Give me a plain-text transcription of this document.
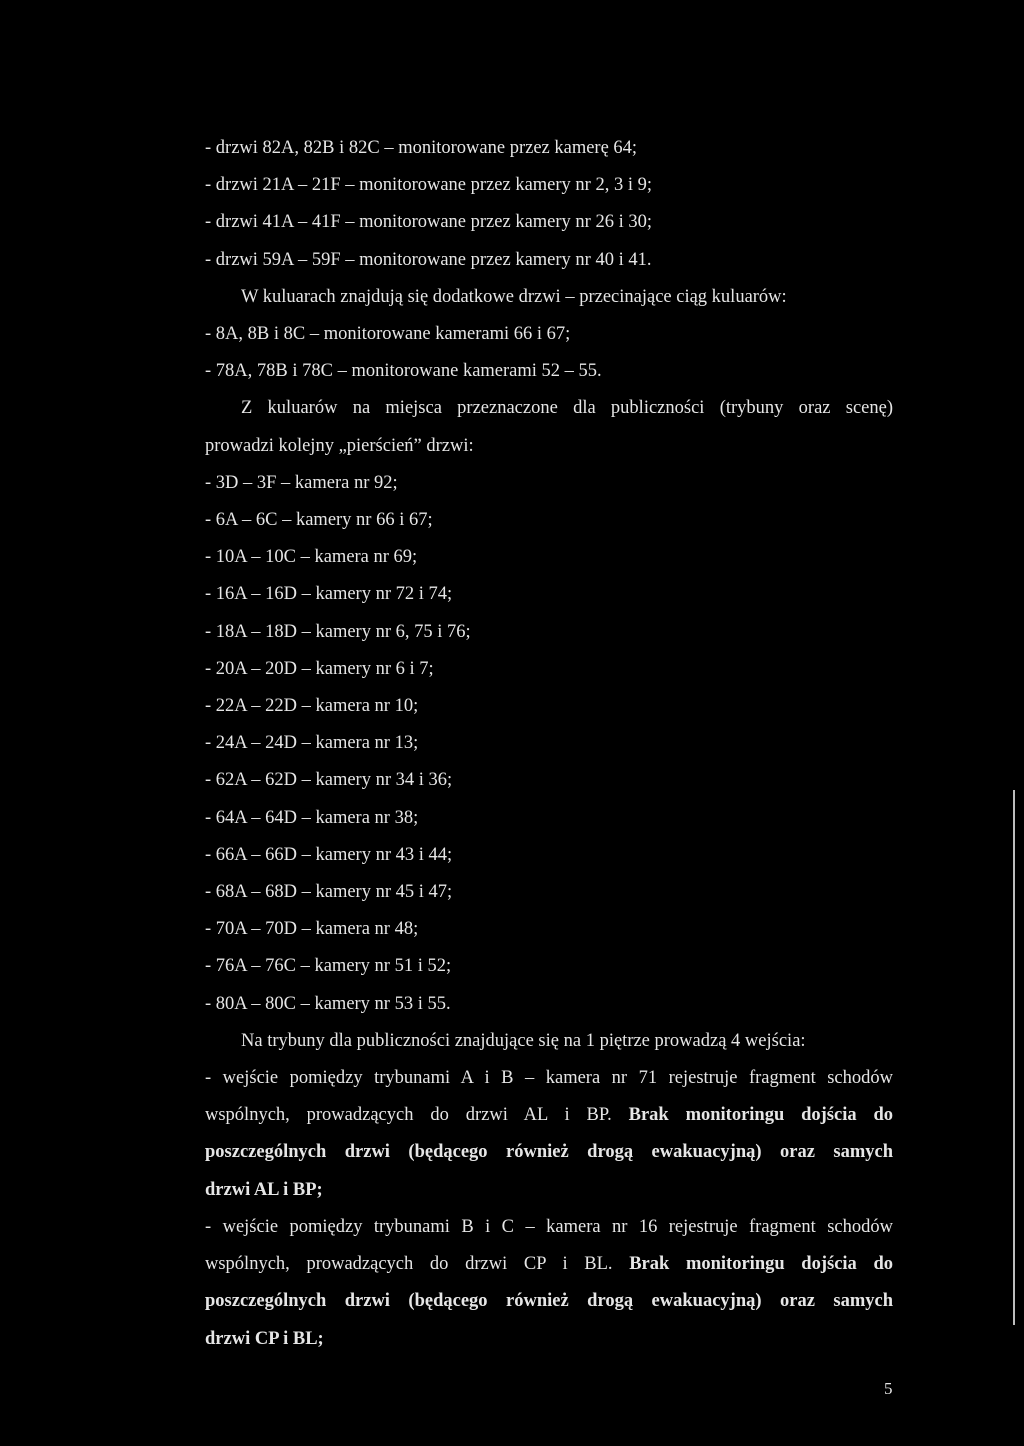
- drzwi 82A, 82B i 82C – monitorowane przez kamerę 64;
- drzwi 21A – 21F – monitorowane przez kamery nr 2, 3 i 9;
- drzwi 41A – 41F – monitorowane przez kamery nr 26 i 30;
- drzwi 59A – 59F – monitorowane przez kamery nr 40 i 41.
W kuluarach znajdują się dodatkowe drzwi – przecinające ciąg kuluarów:
- 8A, 8B i 8C – monitorowane kamerami 66 i 67;
- 78A, 78B i 78C – monitorowane kamerami 52 – 55.
Z kuluarów na miejsca przeznaczone dla publiczności (trybuny oraz scenę)
prowadzi kolejny „pierścień” drzwi:
- 3D – 3F – kamera nr 92;
- 6A – 6C – kamery nr 66 i 67;
- 10A – 10C – kamera nr 69;
- 16A – 16D – kamery nr 72 i 74;
- 18A – 18D – kamery nr 6, 75 i 76;
- 20A – 20D – kamery nr 6 i 7;
- 22A – 22D – kamera nr 10;
- 24A – 24D – kamera nr 13;
- 62A – 62D – kamery nr 34 i 36;
- 64A – 64D – kamera nr 38;
- 66A – 66D – kamery nr 43 i 44;
- 68A – 68D – kamery nr 45 i 47;
- 70A – 70D – kamera nr 48;
- 76A – 76C – kamery nr 51 i 52;
- 80A – 80C – kamery nr 53 i 55.
Na trybuny dla publiczności znajdujące się na 1 piętrze prowadzą 4 wejścia:
- wejście pomiędzy trybunami A i B – kamera nr 71 rejestruje fragment schodów
wspólnych, prowadzących do drzwi AL i BP. Brak monitoringu dojścia do
poszczególnych drzwi (będącego również drogą ewakuacyjną) oraz samych
drzwi AL i BP;
- wejście pomiędzy trybunami B i C – kamera nr 16 rejestruje fragment schodów
wspólnych, prowadzących do drzwi CP i BL. Brak monitoringu dojścia do
poszczególnych drzwi (będącego również drogą ewakuacyjną) oraz samych
drzwi CP i BL;
5
